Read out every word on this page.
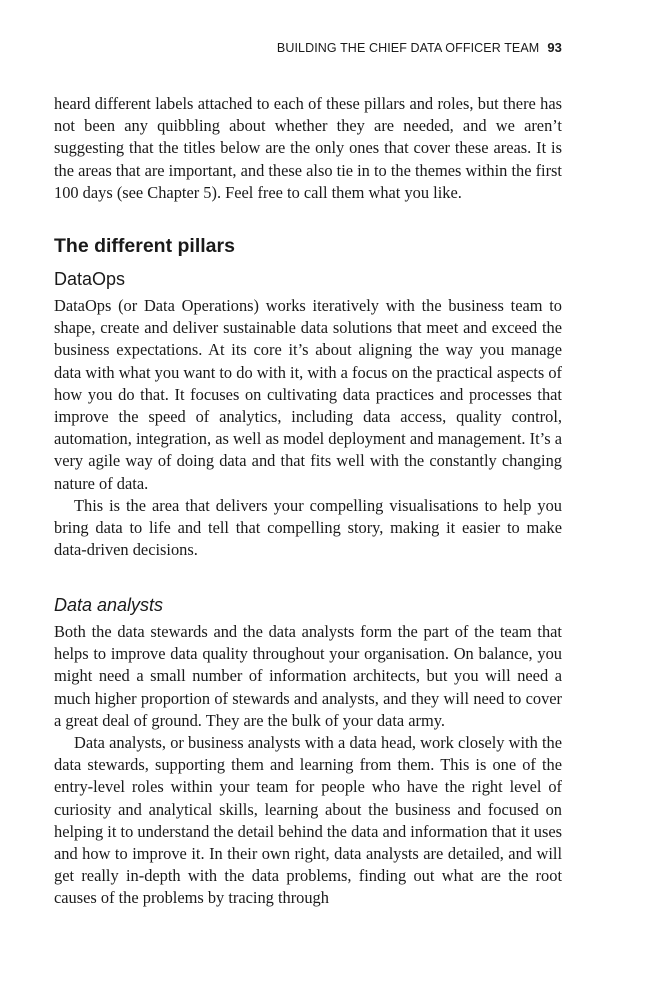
BUILDING THE CHIEF DATA OFFICER TEAM 93

heard different labels attached to each of these pillars and roles, but there has not been any quibbling about whether they are needed, and we aren’t suggesting that the titles below are the only ones that cover these areas. It is the areas that are important, and these also tie in to the themes within the first 100 days (see Chapter 5). Feel free to call them what you like.

The different pillars
DataOps

DataOps (or Data Operations) works iteratively with the business team to shape, create and deliver sustainable data solutions that meet and exceed the business expectations. At its core it’s about aligning the way you manage data with what you want to do with it, with a focus on the practical aspects of how you do that. It focuses on cultivating data practices and processes that improve the speed of analytics, including data access, quality control, automation, integration, as well as model deployment and management. It’s a very agile way of doing data and that fits well with the constantly changing nature of data.

This is the area that delivers your compelling visualisations to help you bring data to life and tell that compelling story, making it easier to make data-driven decisions.

Data analysts

Both the data stewards and the data analysts form the part of the team that helps to improve data quality throughout your organisation. On balance, you might need a small number of information architects, but you will need a much higher proportion of stewards and analysts, and they will need to cover a great deal of ground. They are the bulk of your data army.

Data analysts, or business analysts with a data head, work closely with the data stewards, supporting them and learning from them. This is one of the entry-level roles within your team for people who have the right level of curiosity and analytical skills, learning about the business and focused on helping it to understand the detail behind the data and information that it uses and how to improve it. In their own right, data analysts are detailed, and will get really in-depth with the data problems, finding out what are the root causes of the problems by tracing through
